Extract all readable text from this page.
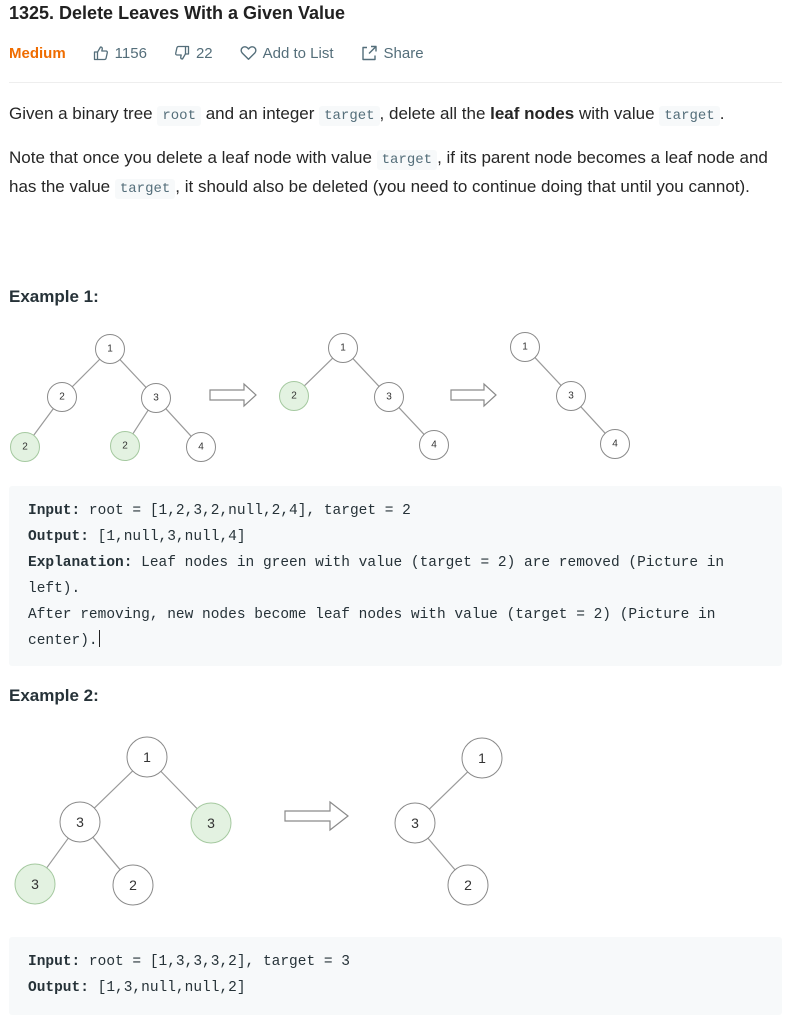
1325. Delete Leaves With a Given Value
Medium	1156	22	Add to List	Share

Given a binary tree root and an integer target , delete all the leaf nodes with value target .

Note that once you delete a leaf node with value target , if its parent node becomes a leaf node and has the value target , it should also be deleted (you need to continue doing that until you cannot).

Example 1:
1
2	3
2	2	4
1
2	3
4
1
3
4
Input: root = [1,2,3,2,null,2,4], target = 2
Output: [1,null,3,null,4]
Explanation: Leaf nodes in green with value (target = 2) are removed (Picture in
left).
After removing, new nodes become leaf nodes with value (target = 2) (Picture in
center).
Example 2:
1
3	3
3	2
1
3
2
Input: root = [1,3,3,3,2], target = 3
Output: [1,3,null,null,2]
